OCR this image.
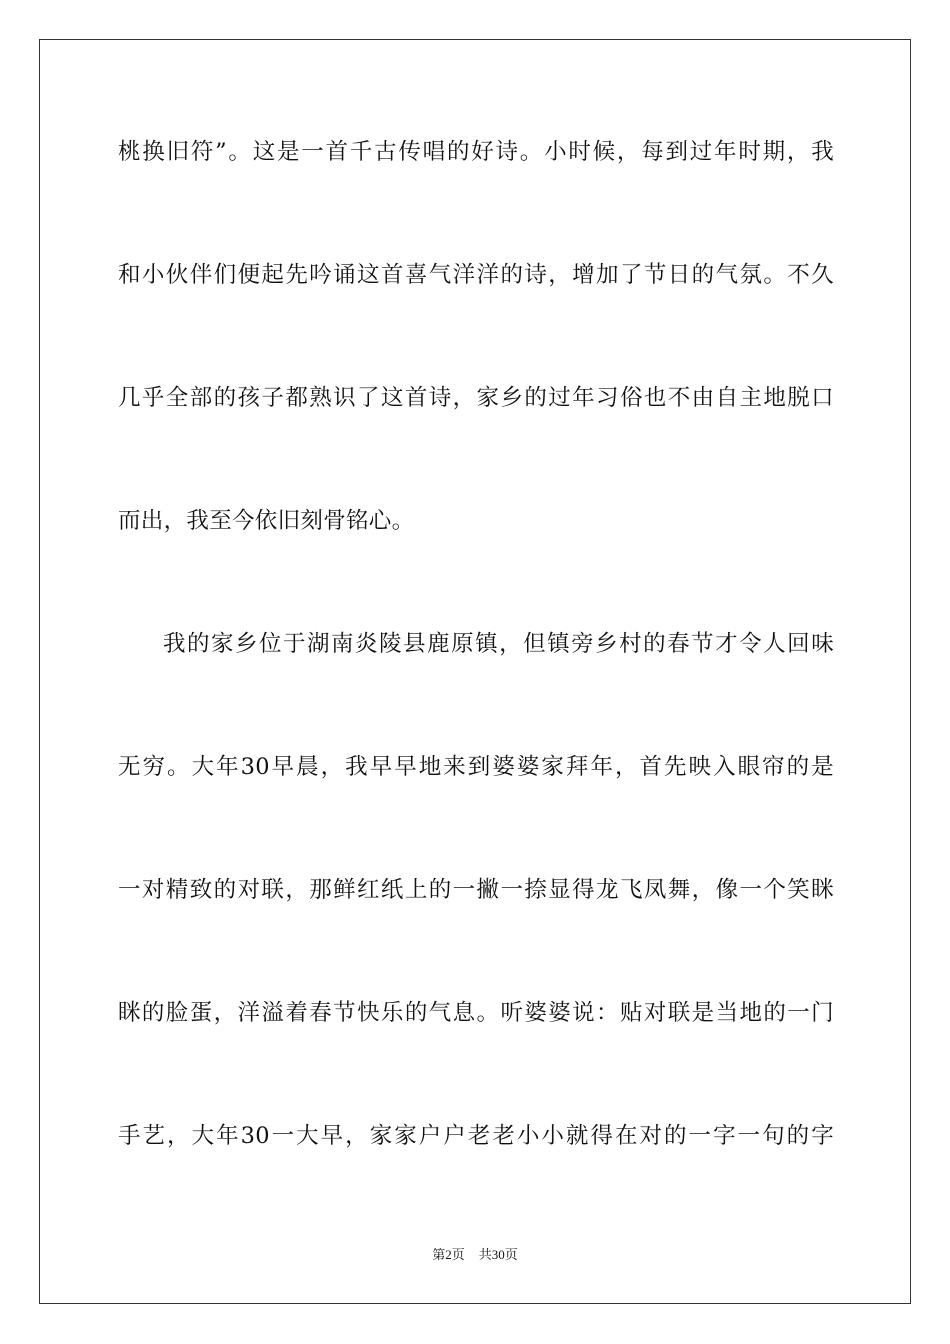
桃换旧符”。这是一首千古传唱的好诗。小时候，每到过年时期，我
和小伙伴们便起先吟诵这首喜气洋洋的诗，增加了节日的气氛。不久
几乎全部的孩子都熟识了这首诗，家乡的过年习俗也不由自主地脱口
而出，我至今依旧刻骨铭心。
我的家乡位于湖南炎陵县鹿原镇，但镇旁乡村的春节才令人回味
无穷。大年30早晨，我早早地来到婆婆家拜年，首先映入眼帘的是
一对精致的对联，那鲜红纸上的一撇一捺显得龙飞凤舞，像一个笑眯
眯的脸蛋，洋溢着春节快乐的气息。听婆婆说：贴对联是当地的一门
手艺，大年30一大早，家家户户老老小小就得在对的一字一句的字
第2页 共30页
